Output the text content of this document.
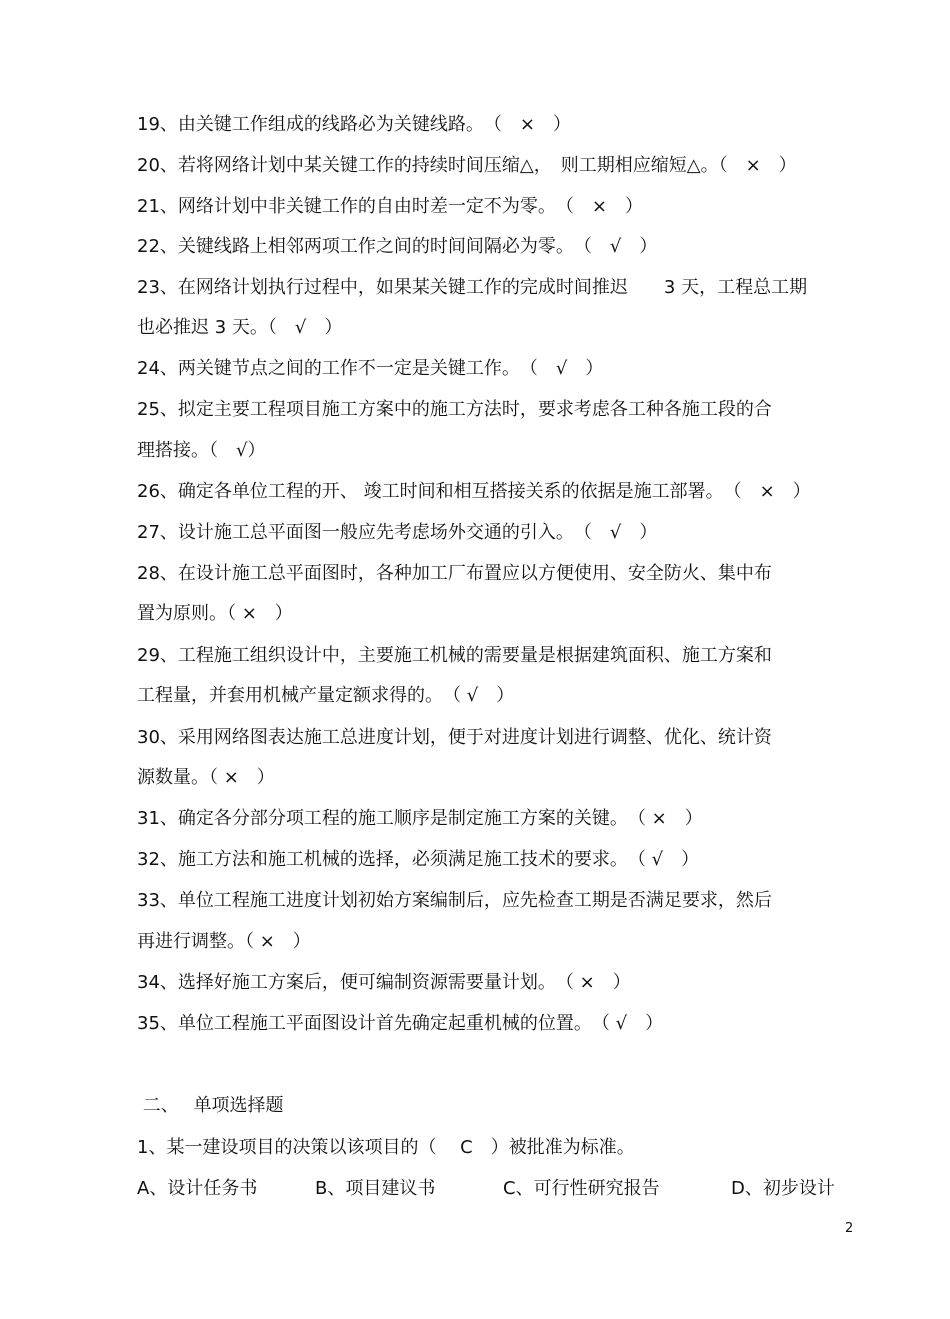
19、由关键工作组成的线路必为关键线路。　（　×　）
20、若将网络计划中某关键工作的持续时间压缩△，　则工期相应缩短△。（　×　）
21、网络计划中非关键工作的自由时差一定不为零。　（　×　）
22、关键线路上相邻两项工作之间的时间间隔必为零。　（　√　）
23、在网络计划执行过程中，如果某关键工作的完成时间推迟　　3 天，工程总工期
也必推迟 3 天。（　√　）
24、两关键节点之间的工作不一定是关键工作。　（　√　）
25、拟定主要工程项目施工方案中的施工方法时，要求考虑各工种各施工段的合
理搭接。（　√）
26、确定各单位工程的开、 竣工时间和相互搭接关系的依据是施工部署。　（　×　）
27、设计施工总平面图一般应先考虑场外交通的引入。　（　√　）
28、在设计施工总平面图时，各种加工厂布置应以方便使用、安全防火、集中布
置为原则。（ ×　）
29、工程施工组织设计中，主要施工机械的需要量是根据建筑面积、施工方案和
工程量，并套用机械产量定额求得的。　（ √　）
30、采用网络图表达施工总进度计划，便于对进度计划进行调整、优化、统计资
源数量。（ ×　）
31、确定各分部分项工程的施工顺序是制定施工方案的关键。　（ ×　）
32、施工方法和施工机械的选择，必须满足施工技术的要求。　（ √　）
33、单位工程施工进度计划初始方案编制后，应先检查工期是否满足要求，然后
再进行调整。（ ×　）
34、选择好施工方案后，便可编制资源需要量计划。　（ ×　）
35、单位工程施工平面图设计首先确定起重机械的位置。　（ √　）
二、　 单项选择题
1、某一建设项目的决策以该项目的（　 C　）被批准为标准。
A、设计任务书	B、项目建议书	C、可行性研究报告	D、初步设计
2
